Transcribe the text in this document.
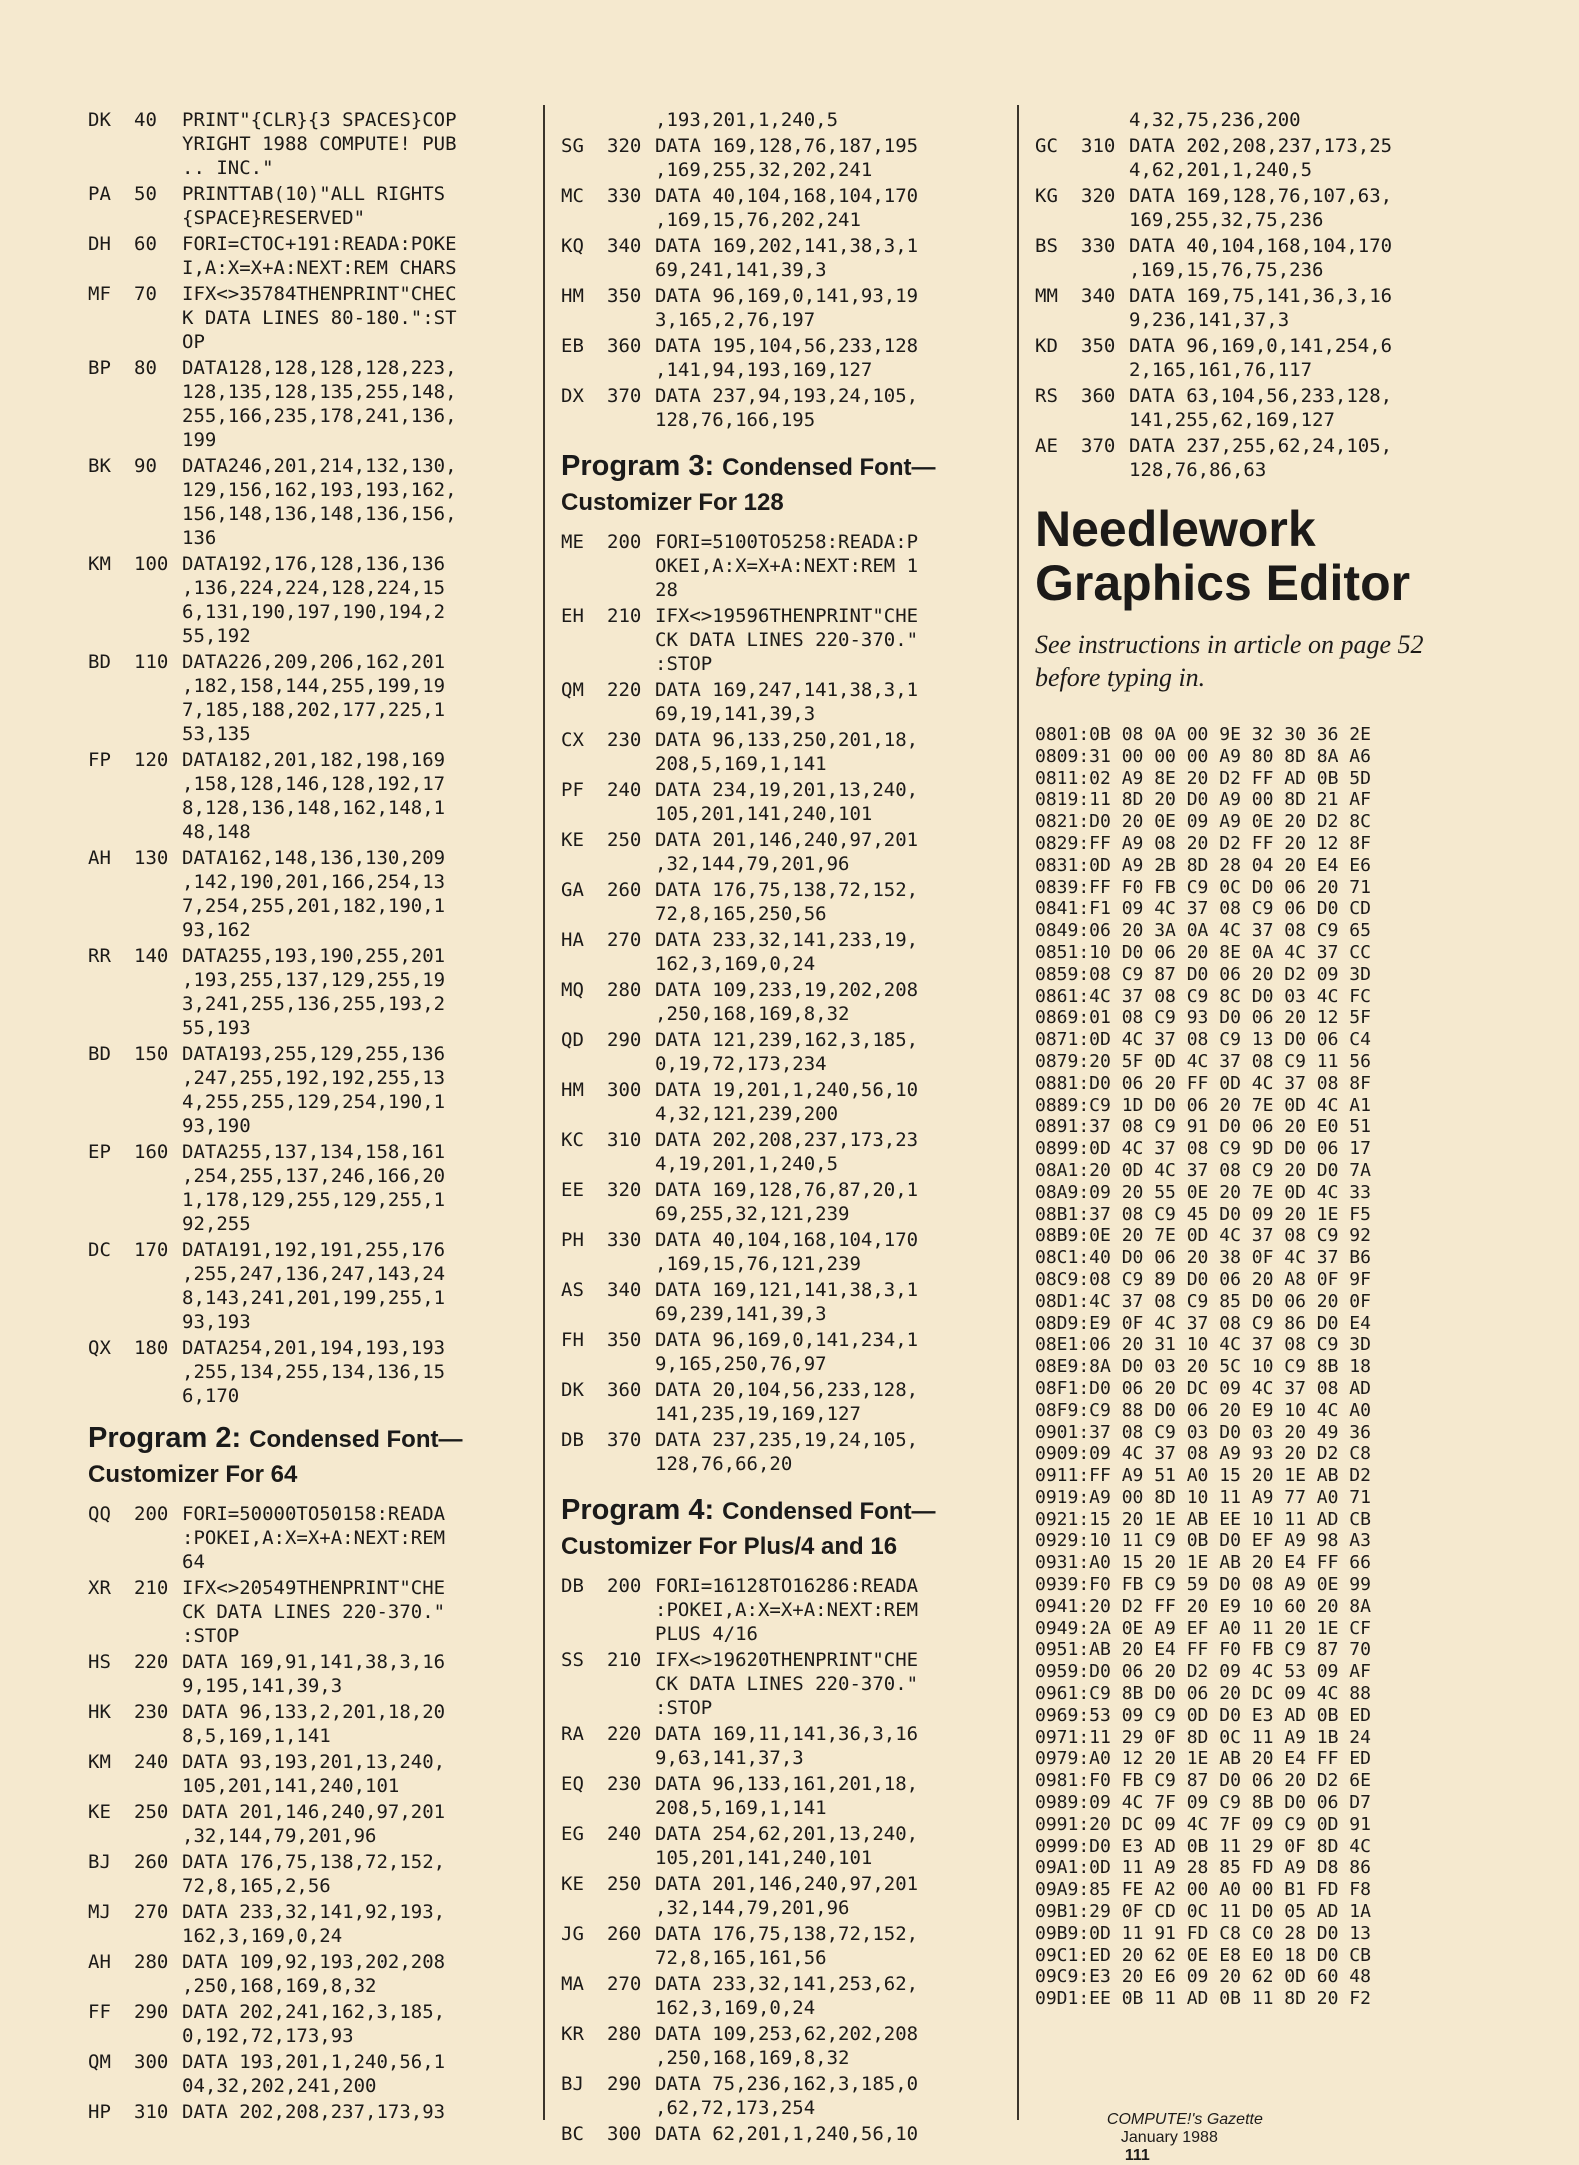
DK	40	PRINT"{CLR}{3 SPACES}COP
YRIGHT 1988 COMPUTE! PUB
.. INC."
PA	50	PRINTTAB(10)"ALL RIGHTS
{SPACE}RESERVED"
DH	60	FORI=CTOC+191:READA:POKE
I,A:X=X+A:NEXT:REM CHARS
MF	70	IFX<>35784THENPRINT"CHEC
K DATA LINES 80-180.":ST
OP
BP	80	DATA128,128,128,128,223,
128,135,128,135,255,148,
255,166,235,178,241,136,
199
BK	90	DATA246,201,214,132,130,
129,156,162,193,193,162,
156,148,136,148,136,156,
136
KM	100 DATA192,176,128,136,136
,136,224,224,128,224,15
6,131,190,197,190,194,2
55,192
BD	110 DATA226,209,206,162,201
,182,158,144,255,199,19
7,185,188,202,177,225,1
53,135
FP	120 DATA182,201,182,198,169
,158,128,146,128,192,17
8,128,136,148,162,148,1
48,148
AH	130 DATA162,148,136,130,209
,142,190,201,166,254,13
7,254,255,201,182,190,1
93,162
RR	140 DATA255,193,190,255,201
,193,255,137,129,255,19
3,241,255,136,255,193,2
55,193
BD	150 DATA193,255,129,255,136
,247,255,192,192,255,13
4,255,255,129,254,190,1
93,190
EP	160 DATA255,137,134,158,161
,254,255,137,246,166,20
1,178,129,255,129,255,1
92,255
DC	170 DATA191,192,191,255,176
,255,247,136,247,143,24
8,143,241,201,199,255,1
93,193
QX	180 DATA254,201,194,193,193
,255,134,255,134,136,15
6,170
Program 2: Condensed Font—
Customizer For 64
QQ	200 FORI=50000TO50158:READA
:POKEI,A:X=X+A:NEXT:REM
64
XR	210 IFX<>20549THENPRINT"CHE
CK DATA LINES 220-370."
:STOP
HS	220 DATA 169,91,141,38,3,16
9,195,141,39,3
HK	230 DATA 96,133,2,201,18,20
8,5,169,1,141
KM	240 DATA 93,193,201,13,240,
105,201,141,240,101
KE	250 DATA 201,146,240,97,201
,32,144,79,201,96
BJ	260 DATA 176,75,138,72,152,
72,8,165,2,56
MJ	270 DATA 233,32,141,92,193,
162,3,169,0,24
AH	280 DATA 109,92,193,202,208
,250,168,169,8,32
FF	290 DATA 202,241,162,3,185,
0,192,72,173,93
QM	300 DATA 193,201,1,240,56,1
04,32,202,241,200
HP	310 DATA 202,208,237,173,93
,193,201,1,240,5
SG	320 DATA 169,128,76,187,195
,169,255,32,202,241
MC	330 DATA 40,104,168,104,170
,169,15,76,202,241
KQ	340 DATA 169,202,141,38,3,1
69,241,141,39,3
HM	350 DATA 96,169,0,141,93,19
3,165,2,76,197
EB	360 DATA 195,104,56,233,128
,141,94,193,169,127
DX	370 DATA 237,94,193,24,105,
128,76,166,195
Program 3: Condensed Font—
Customizer For 128
ME	200 FORI=5100TO5258:READA:P
OKEI,A:X=X+A:NEXT:REM 1
28
EH	210 IFX<>19596THENPRINT"CHE
CK DATA LINES 220-370."
:STOP
QM	220 DATA 169,247,141,38,3,1
69,19,141,39,3
CX	230 DATA 96,133,250,201,18,
208,5,169,1,141
PF	240 DATA 234,19,201,13,240,
105,201,141,240,101
KE	250 DATA 201,146,240,97,201
,32,144,79,201,96
GA	260 DATA 176,75,138,72,152,
72,8,165,250,56
HA	270 DATA 233,32,141,233,19,
162,3,169,0,24
MQ	280 DATA 109,233,19,202,208
,250,168,169,8,32
QD	290 DATA 121,239,162,3,185,
0,19,72,173,234
HM	300 DATA 19,201,1,240,56,10
4,32,121,239,200
KC	310 DATA 202,208,237,173,23
4,19,201,1,240,5
EE	320 DATA 169,128,76,87,20,1
69,255,32,121,239
PH	330 DATA 40,104,168,104,170
,169,15,76,121,239
AS	340 DATA 169,121,141,38,3,1
69,239,141,39,3
FH	350 DATA 96,169,0,141,234,1
9,165,250,76,97
DK	360 DATA 20,104,56,233,128,
141,235,19,169,127
DB	370 DATA 237,235,19,24,105,
128,76,66,20
Program 4: Condensed Font—
Customizer For Plus/4 and 16
DB	200 FORI=16128TO16286:READA
:POKEI,A:X=X+A:NEXT:REM
PLUS 4/16
SS	210 IFX<>19620THENPRINT"CHE
CK DATA LINES 220-370."
:STOP
RA	220 DATA 169,11,141,36,3,16
9,63,141,37,3
EQ	230 DATA 96,133,161,201,18,
208,5,169,1,141
EG	240 DATA 254,62,201,13,240,
105,201,141,240,101
KE	250 DATA 201,146,240,97,201
,32,144,79,201,96
JG	260 DATA 176,75,138,72,152,
72,8,165,161,56
MA	270 DATA 233,32,141,253,62,
162,3,169,0,24
KR	280 DATA 109,253,62,202,208
,250,168,169,8,32
BJ	290 DATA 75,236,162,3,185,0
,62,72,173,254
BC	300 DATA 62,201,1,240,56,10
4,32,75,236,200
GC	310 DATA 202,208,237,173,25
4,62,201,1,240,5
KG	320 DATA 169,128,76,107,63,
169,255,32,75,236
BS	330 DATA 40,104,168,104,170
,169,15,76,75,236
MM	340 DATA 169,75,141,36,3,16
9,236,141,37,3
KD	350 DATA 96,169,0,141,254,6
2,165,161,76,117
RS	360 DATA 63,104,56,233,128,
141,255,62,169,127
AE	370 DATA 237,255,62,24,105,
128,76,86,63
Needlework
Graphics Editor
See instructions in article on page 52 before typing in.
0801:0B 08 0A 00 9E 32 30 36 2E
0809:31 00 00 00 A9 80 8D 8A A6
0811:02 A9 8E 20 D2 FF AD 0B 5D
0819:11 8D 20 D0 A9 00 8D 21 AF
0821:D0 20 0E 09 A9 0E 20 D2 8C
0829:FF A9 08 20 D2 FF 20 12 8F
0831:0D A9 2B 8D 28 04 20 E4 E6
0839:FF F0 FB C9 0C D0 06 20 71
0841:F1 09 4C 37 08 C9 06 D0 CD
0849:06 20 3A 0A 4C 37 08 C9 65
0851:10 D0 06 20 8E 0A 4C 37 CC
0859:08 C9 87 D0 06 20 D2 09 3D
0861:4C 37 08 C9 8C D0 03 4C FC
0869:01 08 C9 93 D0 06 20 12 5F
0871:0D 4C 37 08 C9 13 D0 06 C4
0879:20 5F 0D 4C 37 08 C9 11 56
0881:D0 06 20 FF 0D 4C 37 08 8F
0889:C9 1D D0 06 20 7E 0D 4C A1
0891:37 08 C9 91 D0 06 20 E0 51
0899:0D 4C 37 08 C9 9D D0 06 17
08A1:20 0D 4C 37 08 C9 20 D0 7A
08A9:09 20 55 0E 20 7E 0D 4C 33
08B1:37 08 C9 45 D0 09 20 1E F5
08B9:0E 20 7E 0D 4C 37 08 C9 92
08C1:40 D0 06 20 38 0F 4C 37 B6
08C9:08 C9 89 D0 06 20 A8 0F 9F
08D1:4C 37 08 C9 85 D0 06 20 0F
08D9:E9 0F 4C 37 08 C9 86 D0 E4
08E1:06 20 31 10 4C 37 08 C9 3D
08E9:8A D0 03 20 5C 10 C9 8B 18
08F1:D0 06 20 DC 09 4C 37 08 AD
08F9:C9 88 D0 06 20 E9 10 4C A0
0901:37 08 C9 03 D0 03 20 49 36
0909:09 4C 37 08 A9 93 20 D2 C8
0911:FF A9 51 A0 15 20 1E AB D2
0919:A9 00 8D 10 11 A9 77 A0 71
0921:15 20 1E AB EE 10 11 AD CB
0929:10 11 C9 0B D0 EF A9 98 A3
0931:A0 15 20 1E AB 20 E4 FF 66
0939:F0 FB C9 59 D0 08 A9 0E 99
0941:20 D2 FF 20 E9 10 60 20 8A
0949:2A 0E A9 EF A0 11 20 1E CF
0951:AB 20 E4 FF F0 FB C9 87 70
0959:D0 06 20 D2 09 4C 53 09 AF
0961:C9 8B D0 06 20 DC 09 4C 88
0969:53 09 C9 0D D0 E3 AD 0B ED
0971:11 29 0F 8D 0C 11 A9 1B 24
0979:A0 12 20 1E AB 20 E4 FF ED
0981:F0 FB C9 87 D0 06 20 D2 6E
0989:09 4C 7F 09 C9 8B D0 06 D7
0991:20 DC 09 4C 7F 09 C9 0D 91
0999:D0 E3 AD 0B 11 29 0F 8D 4C
09A1:0D 11 A9 28 85 FD A9 D8 86
09A9:85 FE A2 00 A0 00 B1 FD F8
09B1:29 0F CD 0C 11 D0 05 AD 1A
09B9:0D 11 91 FD C8 C0 28 D0 13
09C1:ED 20 62 0E E8 E0 18 D0 CB
09C9:E3 20 E6 09 20 62 0D 60 48
09D1:EE 0B 11 AD 0B 11 8D 20 F2

COMPUTE!'s Gazette
January 1988
111
